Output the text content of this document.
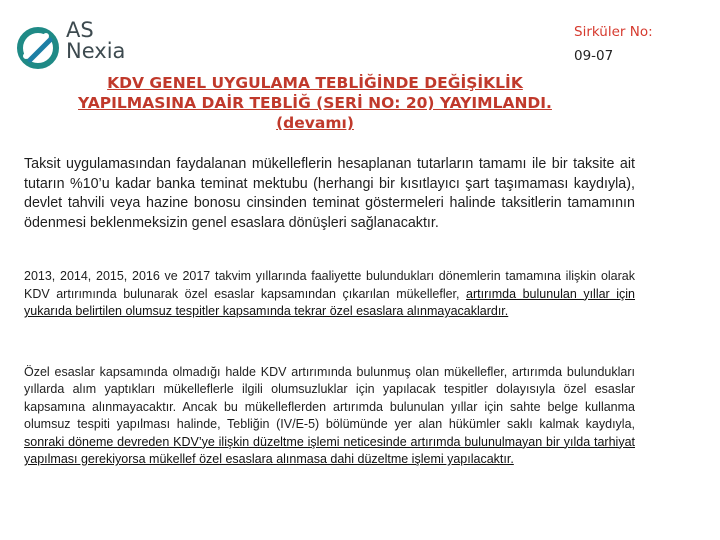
AS
Nexia
Sirküler No:
09-07
KDV GENEL UYGULAMA TEBLİĞİNDE DEĞİŞİKLİK YAPILMASINA DAİR TEBLİĞ (SERİ NO: 20) YAYIMLANDI.(devamı)

Taksit uygulamasından faydalanan mükelleflerin hesaplanan tutarların tamamı ile bir taksite ait tutarın %10’u kadar banka teminat mektubu (herhangi bir kısıtlayıcı şart taşımaması kaydıyla), devlet tahvili veya hazine bonosu cinsinden teminat göstermeleri halinde taksitlerin tamamının ödenmesi beklenmeksizin genel esaslara dönüşleri sağlanacaktır.

2013, 2014, 2015, 2016 ve 2017 takvim yıllarında faaliyette bulundukları dönemlerin tamamına ilişkin olarak KDV artırımında bulunarak özel esaslar kapsamından çıkarılan mükellefler, artırımda bulunulan yıllar için yukarıda belirtilen olumsuz tespitler kapsamında tekrar özel esaslara alınmayacaklardır.

Özel esaslar kapsamında olmadığı halde KDV artırımında bulunmuş olan mükellefler, artırımda bulundukları yıllarda alım yaptıkları mükelleflerle ilgili olumsuzluklar için yapılacak tespitler dolayısıyla özel esaslar kapsamına alınmayacaktır. Ancak bu mükelleflerden artırımda bulunulan yıllar için sahte belge kullanma olumsuz tespiti yapılması halinde, Tebliğin (IV/E-5) bölümünde yer alan hükümler saklı kalmak kaydıyla, sonraki döneme devreden KDV’ye ilişkin düzeltme işlemi neticesinde artırımda bulunulmayan bir yılda tarhiyat yapılması gerekiyorsa mükellef özel esaslara alınmasa dahi düzeltme işlemi yapılacaktır.
